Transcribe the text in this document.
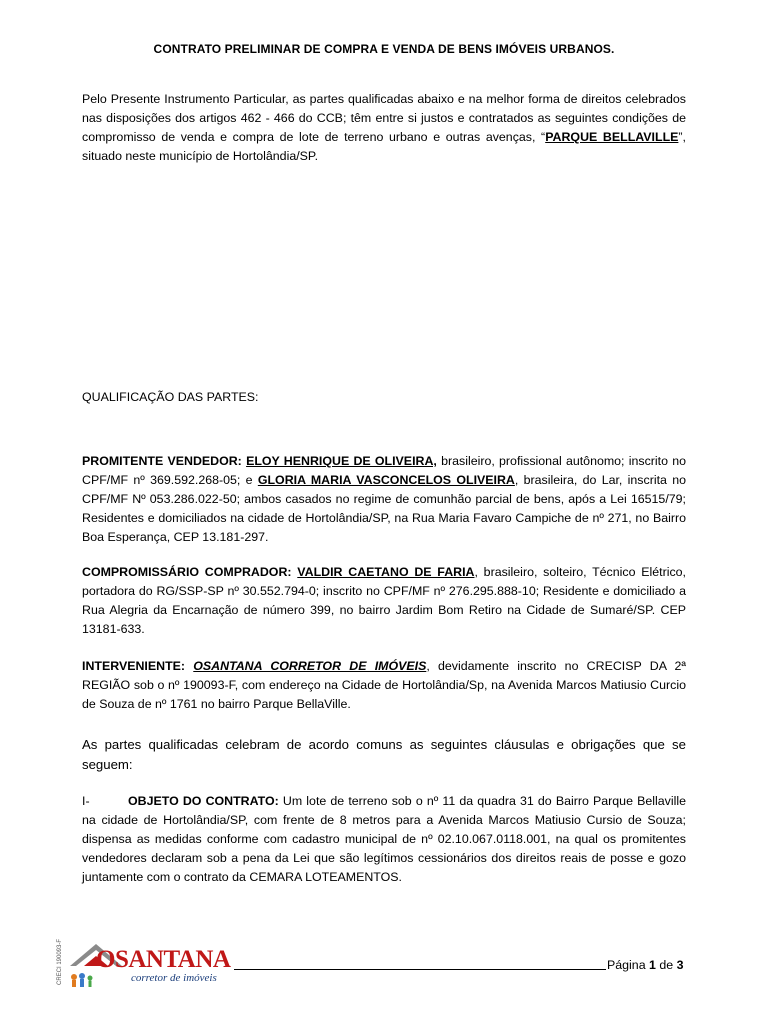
CONTRATO PRELIMINAR DE COMPRA E VENDA DE BENS IMÓVEIS URBANOS.
Pelo Presente Instrumento Particular, as partes qualificadas abaixo e na melhor forma de direitos celebrados nas disposições dos artigos 462 - 466 do CCB; têm entre si justos e contratados as seguintes condições de compromisso de venda e compra de lote de terreno urbano e outras avenças, “PARQUE BELLAVILLE”, situado neste município de Hortolândia/SP.
QUALIFICAÇÃO DAS PARTES:
PROMITENTE VENDEDOR: ELOY HENRIQUE DE OLIVEIRA, brasileiro, profissional autônomo; inscrito no CPF/MF nº 369.592.268-05; e GLORIA MARIA VASCONCELOS OLIVEIRA, brasileira, do Lar, inscrita no CPF/MF Nº 053.286.022-50; ambos casados no regime de comunhão parcial de bens, após a Lei 16515/79; Residentes e domiciliados na cidade de Hortolândia/SP, na Rua Maria Favaro Campiche de nº 271, no Bairro Boa Esperança, CEP 13.181-297.
COMPROMISSÁRIO COMPRADOR: VALDIR CAETANO DE FARIA, brasileiro, solteiro, Técnico Elétrico, portadora do RG/SSP-SP nº 30.552.794-0; inscrito no CPF/MF nº 276.295.888-10; Residente e domiciliado a Rua Alegria da Encarnação de número 399, no bairro Jardim Bom Retiro na Cidade de Sumaré/SP. CEP 13181-633.
INTERVENIENTE: OSANTANA CORRETOR DE IMÓVEIS, devidamente inscrito no CRECISP DA 2ª REGIÃO sob o nº 190093-F, com endereço na Cidade de Hortolândia/Sp, na Avenida Marcos Matiusio Curcio de Souza de nº 1761 no bairro Parque BellaVille.
As partes qualificadas celebram de acordo comuns as seguintes cláusulas e obrigações que se seguem:
I-	OBJETO DO CONTRATO: Um lote de terreno sob o nº 11 da quadra 31 do Bairro Parque Bellaville na cidade de Hortolândia/SP, com frente de 8 metros para a Avenida Marcos Matiusio Cursio de Souza; dispensa as medidas conforme com cadastro municipal de nº 02.10.067.0118.001, na qual os promitentes vendedores declaram sob a pena da Lei que são legítimos cessionários dos direitos reais de posse e gozo juntamente com o contrato da CEMARA LOTEAMENTOS.
CRECI 190093-F OSANTANA
corretor de imóveis
Página 1 de 3
